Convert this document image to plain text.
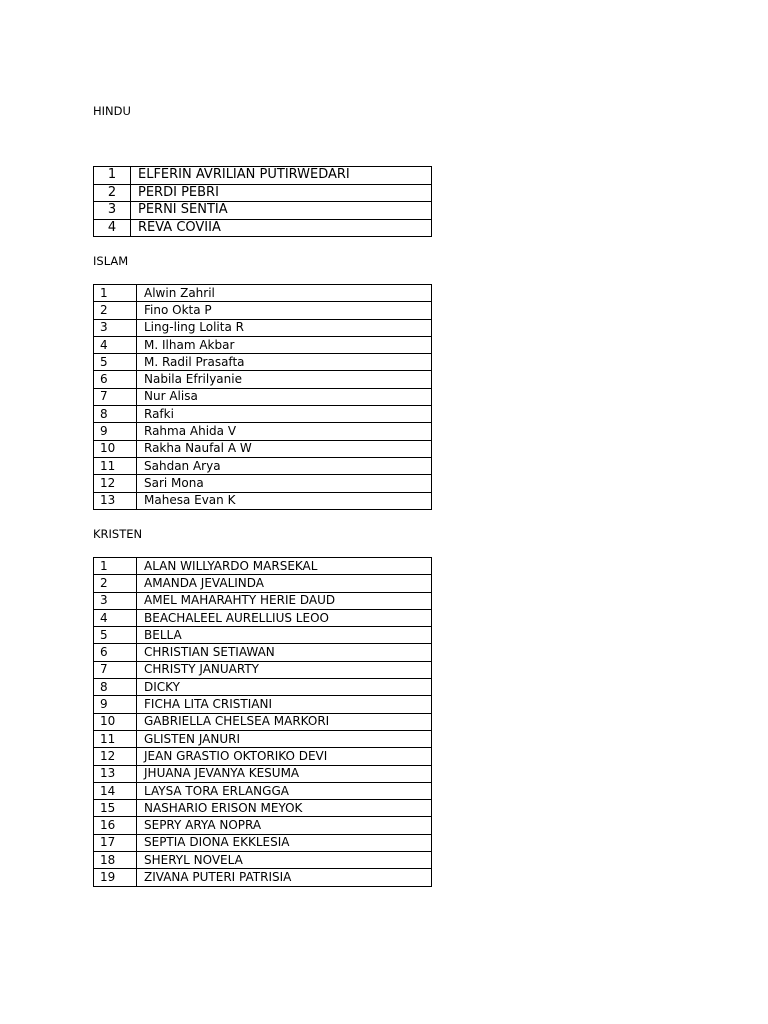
HINDU
1	ELFERIN AVRILIAN PUTIRWEDARI
2	PERDI PEBRI
3	PERNI SENTIA
4	REVA COVIIA
ISLAM
1	Alwin Zahril
2	Fino Okta P
3	Ling-ling Lolita R
4	M. Ilham Akbar
5	M. Radil Prasafta
6	Nabila Efrilyanie
7	Nur Alisa
8	Rafki
9	Rahma Ahida V
10	Rakha Naufal A W
11	Sahdan Arya
12	Sari Mona
13	Mahesa Evan K
KRISTEN
1	ALAN WILLYARDO MARSEKAL
2	AMANDA JEVALINDA
3	AMEL MAHARAHTY HERIE DAUD
4	BEACHALEEL AURELLIUS LEOO
5	BELLA
6	CHRISTIAN SETIAWAN
7	CHRISTY JANUARTY
8	DICKY
9	FICHA LITA CRISTIANI
10	GABRIELLA CHELSEA MARKORI
11	GLISTEN JANURI
12	JEAN GRASTIO OKTORIKO DEVI
13	JHUANA JEVANYA KESUMA
14	LAYSA TORA ERLANGGA
15	NASHARIO ERISON MEYOK
16	SEPRY ARYA NOPRA
17	SEPTIA DIONA EKKLESIA
18	SHERYL NOVELA
19	ZIVANA PUTERI PATRISIA
